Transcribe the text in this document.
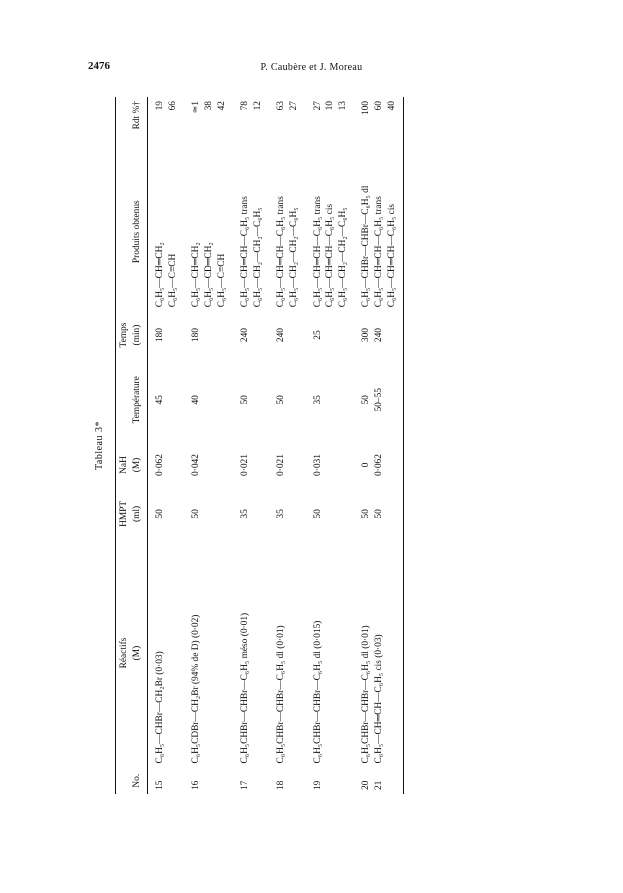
2476	P. Caubère et J. Moreau

Tableau 3*

No.	Réactifs (M)	HMPT (ml)	NaH (M)	Température	Temps (min)	Produits obtenus	Rdt %†

15	C₆H₅—CHBr—CH₂Br (0·03)	50	0·062	45	180	C₆H₅—CH═CH₂	19
						C₆H₅—C≡CH	66
16	C₆H₅CDBr—CH₂Br (94% de D) (0·02)	50	0·042	40	180	C₆H₅—CH═CH₂	≃1
						C₆H₅—CD═CH₂	38
						C₆H₅—C≡CH	42
17	C₆H₅CHBr—CHBr—C₆H₅ méso (0·01)	35	0·021	50	240	C₆H₅—CH═CH—C₆H₅ trans	78
						C₆H₅—CH₂—CH₂—C₆H₅	12
18	C₆H₅CHBr—CHBr—C₆H₅ dl (0·01)	35	0·021	50	240	C₆H₅—CH═CH—C₆H₅ trans	63
						C₆H₅—CH₂—CH₂—C₆H₅	27
19	C₆H₅CHBr—CHBr—C₆H₅ dl (0·015)	50	0·031	35	25	C₆H₅—CH═CH—C₆H₅ trans	27
						C₆H₅—CH═CH—C₆H₅ cis	10
						C₆H₅—CH₂—CH₂—C₆H₅	13
20	C₆H₅CHBr—CHBr—C₆H₅ dl (0·01)	50	0	50	300	C₆H₅—CHBr—CHBr—C₆H₅ dl	100
21	C₆H₅—CH═CH—C₆H₅ cis (0·03)	50	0·062	50–55	240	C₆H₅—CH═CH—C₆H₅ trans	60
						C₆H₅—CH═CH—C₆H₅ cis	40
